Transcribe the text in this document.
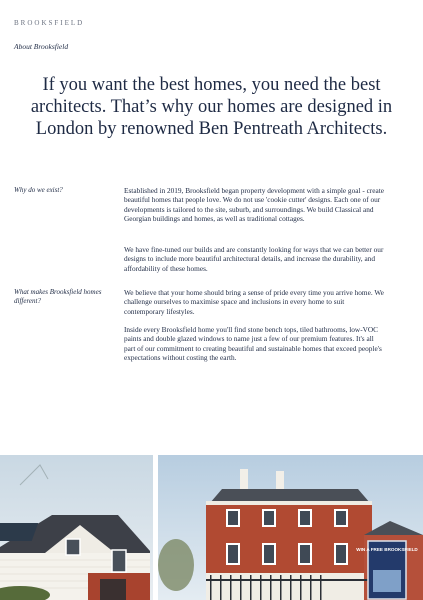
BROOKSFIELD
About Brooksfield
If you want the best homes, you need the best architects. That’s why our homes are designed in London by renowned Ben Pentreath Architects.
Why do we exist?	Established in 2019, Brooksfield began property development with a simple goal - create beautiful homes that people love. We do not use 'cookie cutter' designs. Each one of our developments is tailored to the site, suburb, and surroundings. We build Classical and Georgian buildings and homes, as well as traditional cottages.

We have fine-tuned our builds and are constantly looking for ways that we can better our designs to include more beautiful architectural details, and increase the durability, and affordability of these homes.

What makes Brooksfield homes different?

We believe that your home should bring a sense of pride every time you arrive home. We challenge ourselves to maximise space and inclusions in every home to suit contemporary lifestyles.

Inside every Brooksfield home you'll find stone bench tops, tiled bathrooms, low-VOC paints and double glazed windows to name just a few of our premium features. It's all part of our commitment to creating beautiful and sustainable homes that exceed people's expectations without costing the earth.

WIN A FREE BROOKSFIELD
